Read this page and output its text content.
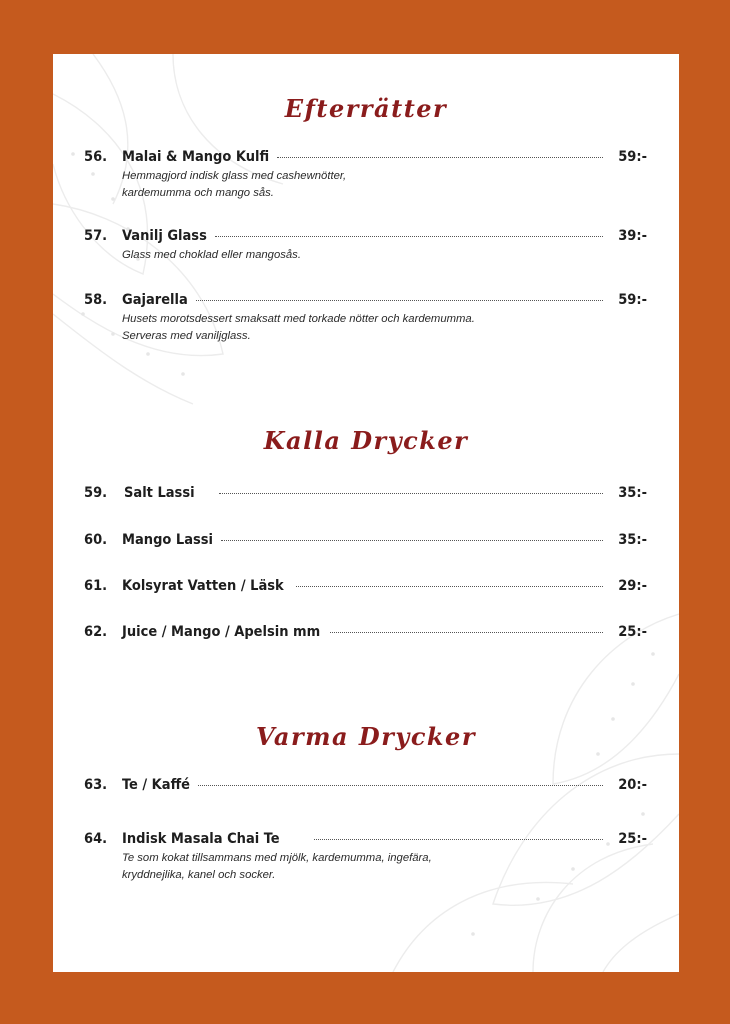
Efterrätter
56.	Malai & Mango Kulfi	59:-
Hemmagjord indisk glass med cashewnötter,
kardemumma och mango sås.
57.	Vanilj Glass	39:-
Glass med choklad eller mangosås.
58.	Gajarella	59:-
Husets morotsdessert smaksatt med torkade nötter och kardemumma.
Serveras med vaniljglass.
Kalla Drycker
59.	Salt Lassi	35:-
60.	Mango Lassi	35:-
61.	Kolsyrat Vatten / Läsk	29:-
62.	Juice / Mango / Apelsin mm	25:-
Varma Drycker
63.	Te / Kaffé	20:-
64.	Indisk Masala Chai Te	25:-
Te som kokat tillsammans med mjölk, kardemumma, ingefära,
kryddnejlika, kanel och socker.
